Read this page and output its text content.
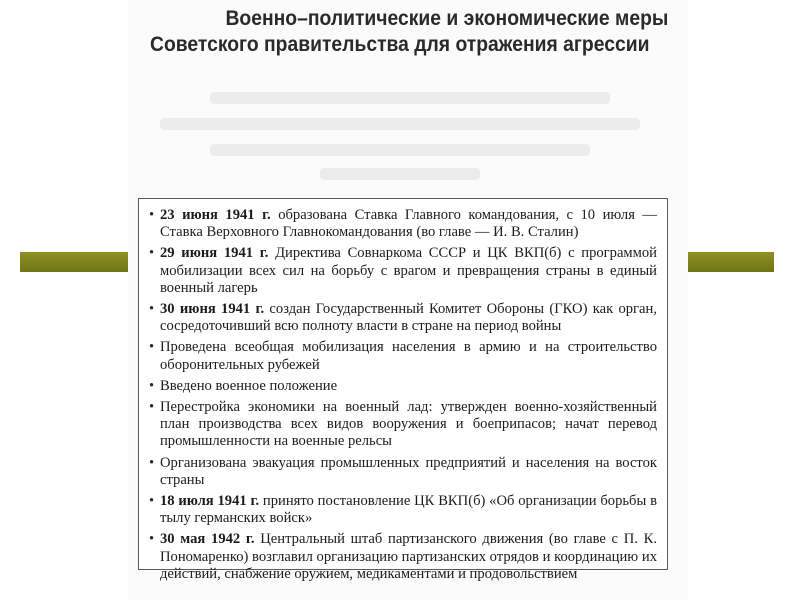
Военно–политические и экономические меры
Советского правительства для отражения агрессии
• 23 июня 1941 г. образована Ставка Главного командования, с 10 июля — Ставка Верховного Главнокомандования (во главе — И. В. Сталин)
• 29 июня 1941 г. Директива Совнаркома СССР и ЦК ВКП(б) с программой мобилизации всех сил на борьбу с врагом и превращения страны в единый военный лагерь
• 30 июня 1941 г. создан Государственный Комитет Обороны (ГКО) как орган, сосредоточивший всю полноту власти в стране на период войны
• Проведена всеобщая мобилизация населения в армию и на строительство оборонительных рубежей
• Введено военное положение
• Перестройка экономики на военный лад: утвержден военно-хозяйственный план производства всех видов вооружения и боеприпасов; начат перевод промышленности на военные рельсы
• Организована эвакуация промышленных предприятий и населения на восток страны
• 18 июля 1941 г. принято постановление ЦК ВКП(б) «Об организации борьбы в тылу германских войск»
• 30 мая 1942 г. Центральный штаб партизанского движения (во главе с П. К. Пономаренко) возглавил организацию партизанских отрядов и координацию их действий, снабжение оружием, медикаментами и продовольствием
